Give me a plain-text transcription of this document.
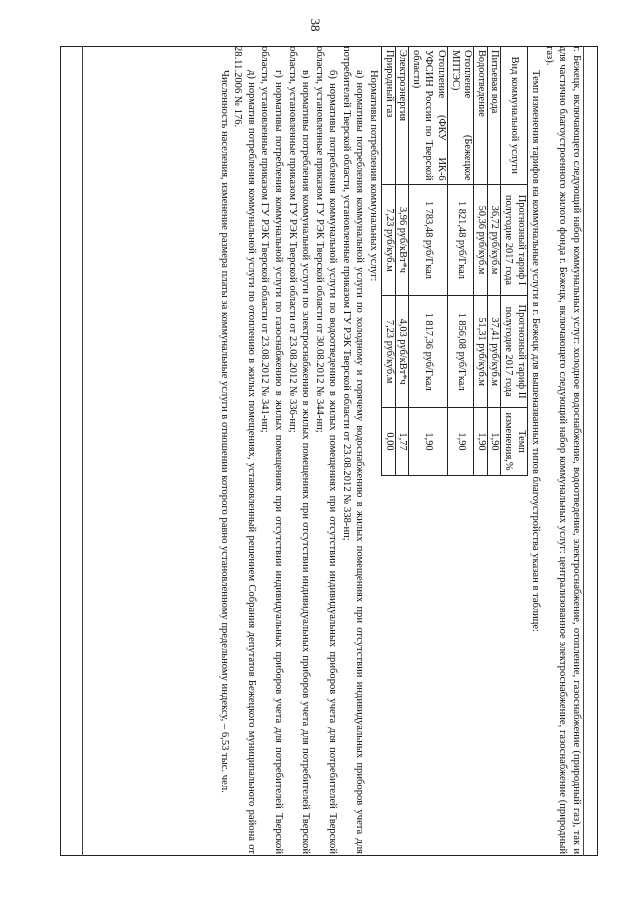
38

г. Бежецк, включающего следующий набор коммунальных услуг: холодное водоснабжение, водоотведение, электроснабжение, отопление, газоснабжение (природный газ), так и для частично благоустроенного жилого фонда г. Бежецк, включающего следующий набор коммунальных услуг: централизованное электроснабжение, газоснабжение (природный газ).

Темп изменения тарифов на коммунальные услуги в г. Бежецк для вышеназванных типов благоустройства указан в таблице:

Вид коммунальной услуги	Прогнозный тариф I полугодие 2017 года	Прогнозный тариф II полугодие 2017 года	Темп изменения,%
Питьевая вода	36,72 руб/куб.м	37,41 руб/куб.м	1,90
Водоотведение	50,36 руб/куб.м	51,31 руб/куб.м	1,90
Отопление (Бежецкое МПТЭС)	1 821,48 руб/Гкал	1 856,08 руб/Гкал	1,90
Отопление (ФКУ ИК-6 УФСИН России по Тверской области)	1 783,48 руб/Гкал	1 817,36 руб/Гкал	1,90
Электроэнергия	3,96 руб/кВт*ч	4,03 руб/кВт*ч	1,77
Природный газ	7,23 руб/куб.м	7,23 руб/куб.м	0,00

Нормативы потребления коммунальных услуг:

а) нормативы потребления коммунальной услуги по холодному и горячему водоснабжению в жилых помещениях при отсутствии индивидуальных приборов учета для потребителей Тверской области, установленные приказом ГУ РЭК Тверской области от 23.08.2012 № 338-нп;

б) нормативы потребления коммунальной услуги по водоотведению в жилых помещениях при отсутствии индивидуальных приборов учета для потребителей Тверской области, установленные приказом ГУ РЭК Тверской области от 30.08.2012 № 344-нп;

в) нормативы потребления коммунальной услуги по электроснабжению в жилых помещениях при отсутствии индивидуальных приборов учета для потребителей Тверской области, установленные приказом ГУ РЭК Тверской области от 23.08.2012 № 336-нп;

г) нормативы потребления коммунальной услуги по газоснабжению в жилых помещениях при отсутствии индивидуальных приборов учета для потребителей Тверской области, установленные приказом ГУ РЭК Тверской области от 23.08.2012 № 341-нп;

д) норматив потребления коммунальной услуги по отоплению в жилых помещениях, установленный решением Собрания депутатов Бежецкого муниципального района от 28.11.2006 № 176.

Численность населения, изменение размера платы за коммунальные услуги в отношении которого равно установленному предельному индексу, – 6,53 тыс. чел.
